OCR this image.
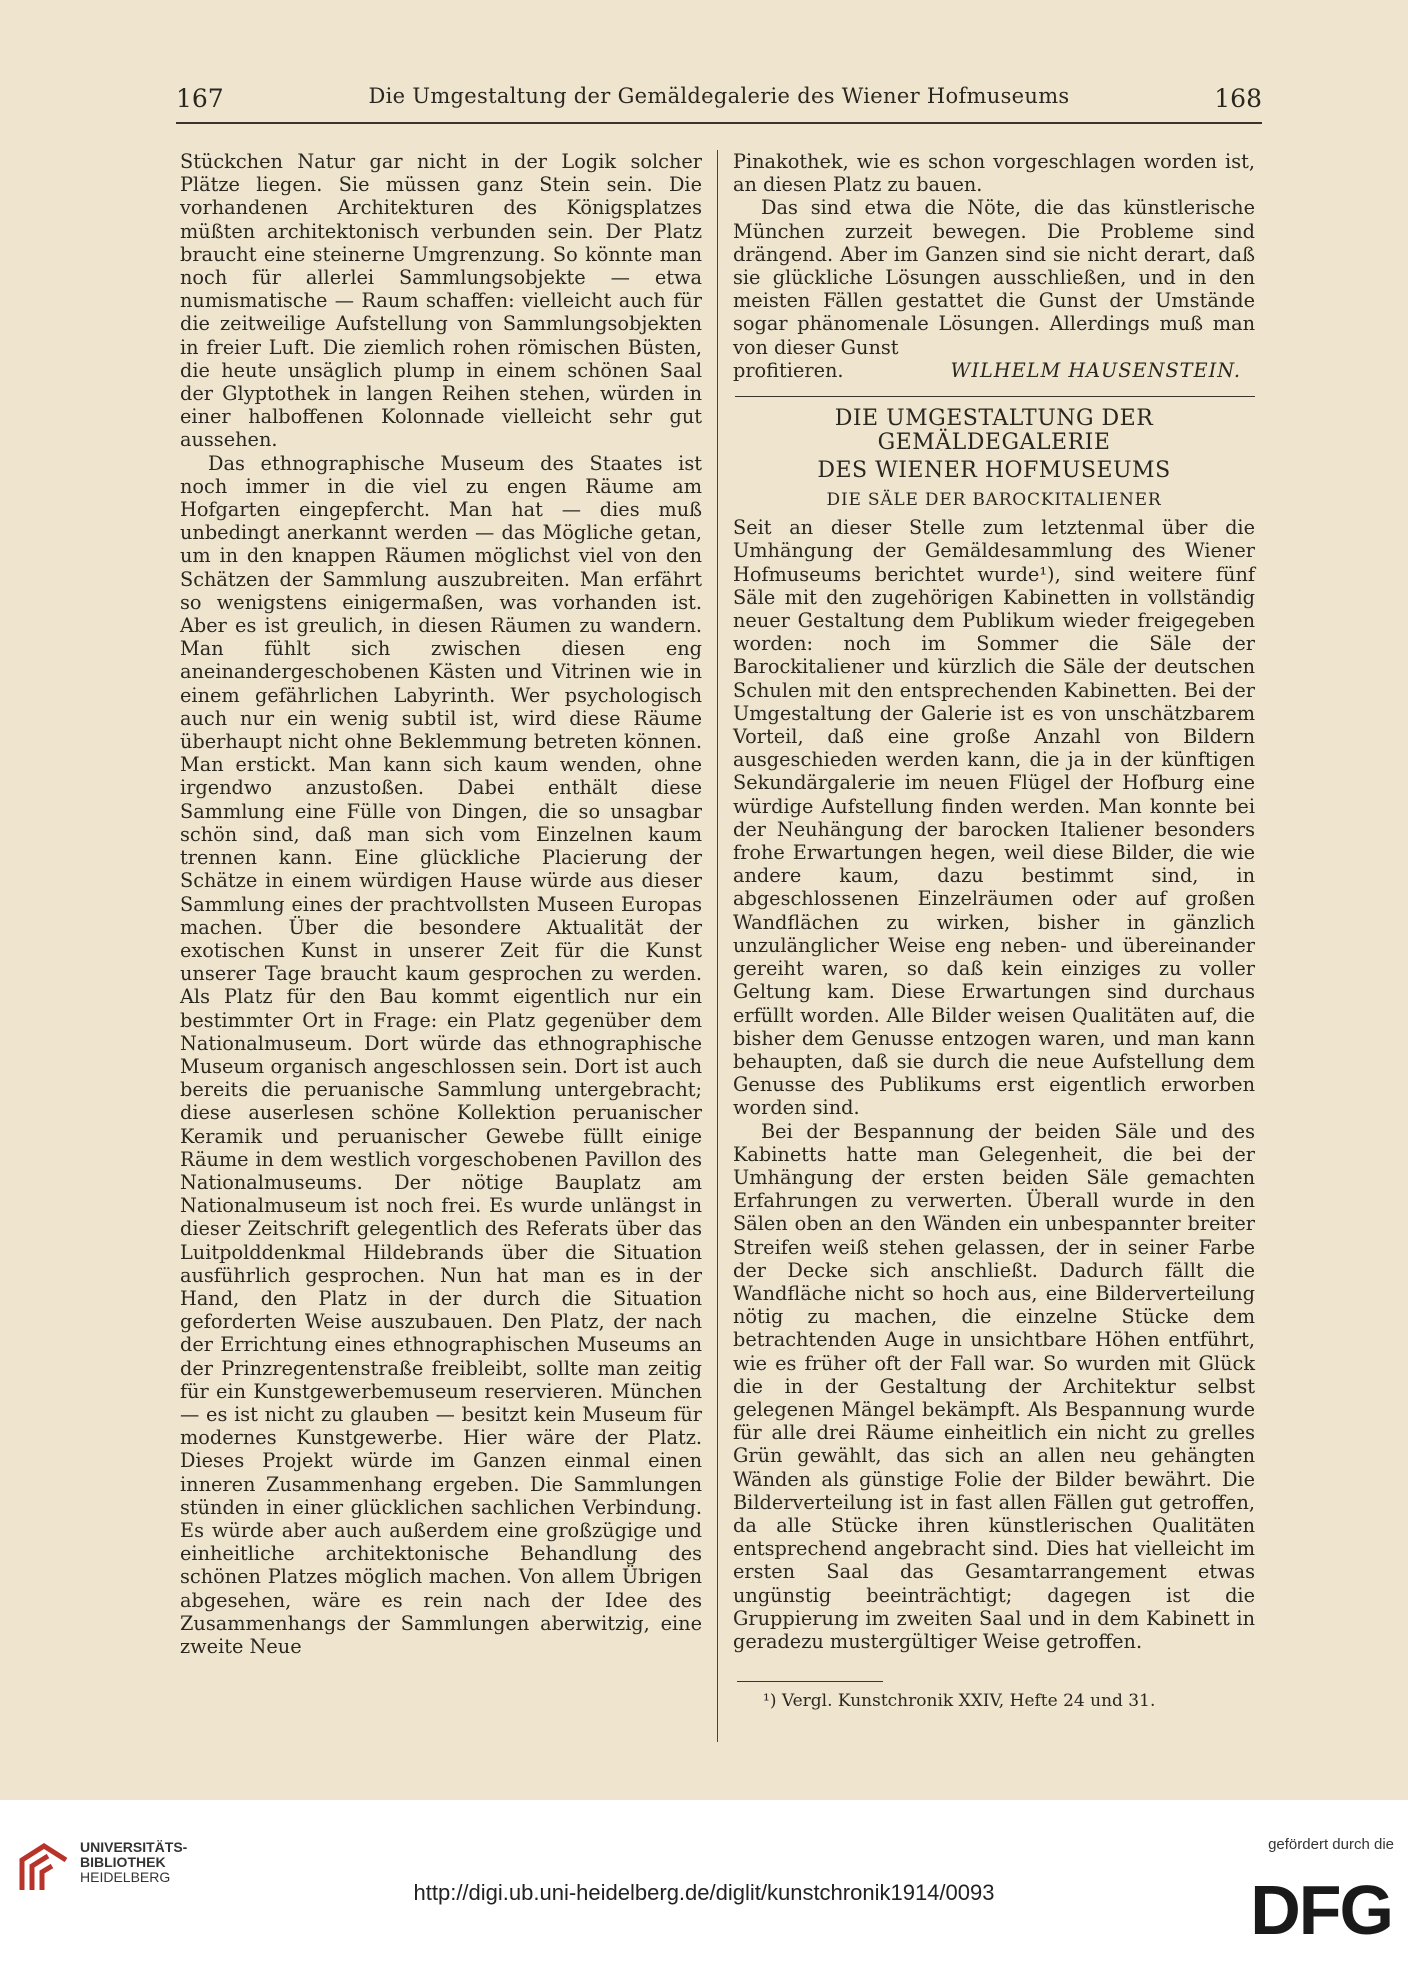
167	Die Umgestaltung der Gemäldegalerie des Wiener Hofmuseums	168

Stückchen Natur gar nicht in der Logik solcher Plätze liegen. Sie müssen ganz Stein sein. Die vorhandenen Architekturen des Königsplatzes müßten architektonisch verbunden sein. Der Platz braucht eine steinerne Umgrenzung. So könnte man noch für allerlei Sammlungsobjekte — etwa numismatische — Raum schaffen: vielleicht auch für die zeitweilige Aufstellung von Sammlungsobjekten in freier Luft. Die ziemlich rohen römischen Büsten, die heute unsäglich plump in einem schönen Saal der Glyptothek in langen Reihen stehen, würden in einer halboffenen Kolonnade vielleicht sehr gut aussehen.

Das ethnographische Museum des Staates ist noch immer in die viel zu engen Räume am Hofgarten eingepfercht. Man hat — dies muß unbedingt anerkannt werden — das Mögliche getan, um in den knappen Räumen möglichst viel von den Schätzen der Sammlung auszubreiten. Man erfährt so wenigstens einigermaßen, was vorhanden ist. Aber es ist greulich, in diesen Räumen zu wandern. Man fühlt sich zwischen diesen eng aneinandergeschobenen Kästen und Vitrinen wie in einem gefährlichen Labyrinth. Wer psychologisch auch nur ein wenig subtil ist, wird diese Räume überhaupt nicht ohne Beklemmung betreten können. Man erstickt. Man kann sich kaum wenden, ohne irgendwo anzustoßen. Dabei enthält diese Sammlung eine Fülle von Dingen, die so unsagbar schön sind, daß man sich vom Einzelnen kaum trennen kann. Eine glückliche Placierung der Schätze in einem würdigen Hause würde aus dieser Sammlung eines der prachtvollsten Museen Europas machen. Über die besondere Aktualität der exotischen Kunst in unserer Zeit für die Kunst unserer Tage braucht kaum gesprochen zu werden. Als Platz für den Bau kommt eigentlich nur ein bestimmter Ort in Frage: ein Platz gegenüber dem Nationalmuseum. Dort würde das ethnographische Museum organisch angeschlossen sein. Dort ist auch bereits die peruanische Sammlung untergebracht; diese auserlesen schöne Kollektion peruanischer Keramik und peruanischer Gewebe füllt einige Räume in dem westlich vorgeschobenen Pavillon des Nationalmuseums. Der nötige Bauplatz am Nationalmuseum ist noch frei. Es wurde unlängst in dieser Zeitschrift gelegentlich des Referats über das Luitpolddenkmal Hildebrands über die Situation ausführlich gesprochen. Nun hat man es in der Hand, den Platz in der durch die Situation geforderten Weise auszubauen. Den Platz, der nach der Errichtung eines ethnographischen Museums an der Prinzregentenstraße freibleibt, sollte man zeitig für ein Kunstgewerbemuseum reservieren. München — es ist nicht zu glauben — besitzt kein Museum für modernes Kunstgewerbe. Hier wäre der Platz. Dieses Projekt würde im Ganzen einmal einen inneren Zusammenhang ergeben. Die Sammlungen stünden in einer glücklichen sachlichen Verbindung. Es würde aber auch außerdem eine großzügige und einheitliche architektonische Behandlung des schönen Platzes möglich machen. Von allem Übrigen abgesehen, wäre es rein nach der Idee des Zusammenhangs der Sammlungen aberwitzig, eine zweite Neue

Pinakothek, wie es schon vorgeschlagen worden ist, an diesen Platz zu bauen.

Das sind etwa die Nöte, die das künstlerische München zurzeit bewegen. Die Probleme sind drängend. Aber im Ganzen sind sie nicht derart, daß sie glückliche Lösungen ausschließen, und in den meisten Fällen gestattet die Gunst der Umstände sogar phänomenale Lösungen. Allerdings muß man von dieser Gunst

profitieren.	WILHELM HAUSENSTEIN.

DIE UMGESTALTUNG DER GEMÄLDEGALERIE
DES WIENER HOFMUSEUMS
DIE SÄLE DER BAROCKITALIENER

Seit an dieser Stelle zum letztenmal über die Umhängung der Gemäldesammlung des Wiener Hofmuseums berichtet wurde¹), sind weitere fünf Säle mit den zugehörigen Kabinetten in vollständig neuer Gestaltung dem Publikum wieder freigegeben worden: noch im Sommer die Säle der Barockitaliener und kürzlich die Säle der deutschen Schulen mit den entsprechenden Kabinetten. Bei der Umgestaltung der Galerie ist es von unschätzbarem Vorteil, daß eine große Anzahl von Bildern ausgeschieden werden kann, die ja in der künftigen Sekundärgalerie im neuen Flügel der Hofburg eine würdige Aufstellung finden werden. Man konnte bei der Neuhängung der barocken Italiener besonders frohe Erwartungen hegen, weil diese Bilder, die wie andere kaum, dazu bestimmt sind, in abgeschlossenen Einzelräumen oder auf großen Wandflächen zu wirken, bisher in gänzlich unzulänglicher Weise eng neben- und übereinander gereiht waren, so daß kein einziges zu voller Geltung kam. Diese Erwartungen sind durchaus erfüllt worden. Alle Bilder weisen Qualitäten auf, die bisher dem Genusse entzogen waren, und man kann behaupten, daß sie durch die neue Aufstellung dem Genusse des Publikums erst eigentlich erworben worden sind.

Bei der Bespannung der beiden Säle und des Kabinetts hatte man Gelegenheit, die bei der Umhängung der ersten beiden Säle gemachten Erfahrungen zu verwerten. Überall wurde in den Sälen oben an den Wänden ein unbespannter breiter Streifen weiß stehen gelassen, der in seiner Farbe der Decke sich anschließt. Dadurch fällt die Wandfläche nicht so hoch aus, eine Bilderverteilung nötig zu machen, die einzelne Stücke dem betrachtenden Auge in unsichtbare Höhen entführt, wie es früher oft der Fall war. So wurden mit Glück die in der Gestaltung der Architektur selbst gelegenen Mängel bekämpft. Als Bespannung wurde für alle drei Räume einheitlich ein nicht zu grelles Grün gewählt, das sich an allen neu gehängten Wänden als günstige Folie der Bilder bewährt. Die Bilderverteilung ist in fast allen Fällen gut getroffen, da alle Stücke ihren künstlerischen Qualitäten entsprechend angebracht sind. Dies hat vielleicht im ersten Saal das Gesamtarrangement etwas ungünstig beeinträchtigt; dagegen ist die Gruppierung im zweiten Saal und in dem Kabinett in geradezu mustergültiger Weise getroffen.

¹) Vergl. Kunstchronik XXIV, Hefte 24 und 31.

UNIVERSITÄTS-
BIBLIOTHEK
HEIDELBERG
http://digi.ub.uni-heidelberg.de/diglit/kunstchronik1914/0093
gefördert durch die
DFG
